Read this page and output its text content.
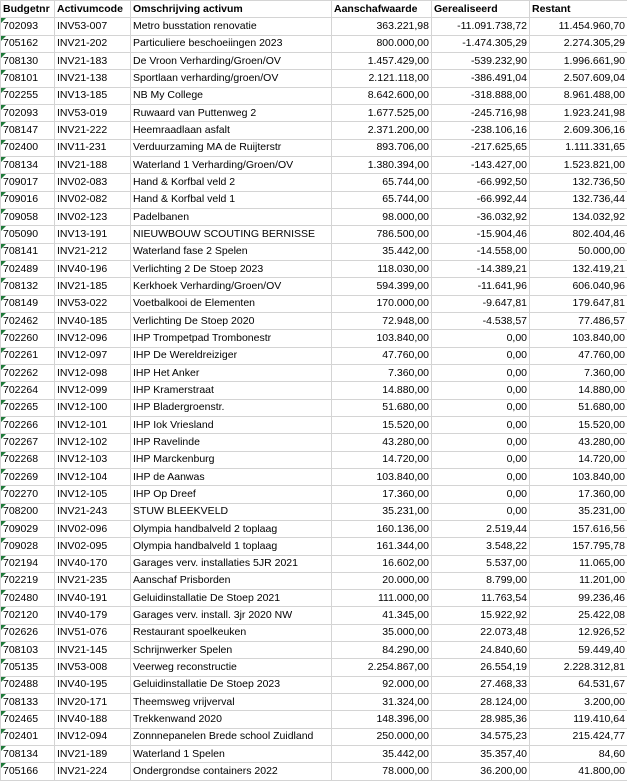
Budgetnr	Activumcode	Omschrijving activum	Aanschafwaarde	Gerealiseerd	Restant
702093	INV53-007	Metro busstation renovatie	363.221,98	-11.091.738,72	11.454.960,70
705162	INV21-202	Particuliere beschoeiingen 2023	800.000,00	-1.474.305,29	2.274.305,29
708130	INV21-183	De Vroon Verharding/Groen/OV	1.457.429,00	-539.232,90	1.996.661,90
708101	INV21-138	Sportlaan verharding/groen/OV	2.121.118,00	-386.491,04	2.507.609,04
702255	INV13-185	NB My College	8.642.600,00	-318.888,00	8.961.488,00
702093	INV53-019	Ruwaard van Puttenweg 2	1.677.525,00	-245.716,98	1.923.241,98
708147	INV21-222	Heemraadlaan asfalt	2.371.200,00	-238.106,16	2.609.306,16
702400	INV11-231	Verduurzaming MA de Ruijterstr	893.706,00	-217.625,65	1.111.331,65
708134	INV21-188	Waterland 1 Verharding/Groen/OV	1.380.394,00	-143.427,00	1.523.821,00
709017	INV02-083	Hand & Korfbal veld 2	65.744,00	-66.992,50	132.736,50
709016	INV02-082	Hand & Korfbal veld 1	65.744,00	-66.992,44	132.736,44
709058	INV02-123	Padelbanen	98.000,00	-36.032,92	134.032,92
705090	INV13-191	NIEUWBOUW SCOUTING BERNISSE	786.500,00	-15.904,46	802.404,46
708141	INV21-212	Waterland fase 2 Spelen	35.442,00	-14.558,00	50.000,00
702489	INV40-196	Verlichting 2 De Stoep 2023	118.030,00	-14.389,21	132.419,21
708132	INV21-185	Kerkhoek Verharding/Groen/OV	594.399,00	-11.641,96	606.040,96
708149	INV53-022	Voetbalkooi de Elementen	170.000,00	-9.647,81	179.647,81
702462	INV40-185	Verlichting De Stoep 2020	72.948,00	-4.538,57	77.486,57
702260	INV12-096	IHP Trompetpad Trombonestr	103.840,00	0,00	103.840,00
702261	INV12-097	IHP De Wereldreiziger	47.760,00	0,00	47.760,00
702262	INV12-098	IHP Het Anker	7.360,00	0,00	7.360,00
702264	INV12-099	IHP Kramerstraat	14.880,00	0,00	14.880,00
702265	INV12-100	IHP Bladergroenstr.	51.680,00	0,00	51.680,00
702266	INV12-101	IHP Iok Vriesland	15.520,00	0,00	15.520,00
702267	INV12-102	IHP Ravelinde	43.280,00	0,00	43.280,00
702268	INV12-103	IHP Marckenburg	14.720,00	0,00	14.720,00
702269	INV12-104	IHP de Aanwas	103.840,00	0,00	103.840,00
702270	INV12-105	IHP Op Dreef	17.360,00	0,00	17.360,00
708200	INV21-243	STUW BLEEKVELD	35.231,00	0,00	35.231,00
709029	INV02-096	Olympia handbalveld 2 toplaag	160.136,00	2.519,44	157.616,56
709028	INV02-095	Olympia handbalveld 1 toplaag	161.344,00	3.548,22	157.795,78
702194	INV40-170	Garages verv. installaties 5JR 2021	16.602,00	5.537,00	11.065,00
702219	INV21-235	Aanschaf Prisborden	20.000,00	8.799,00	11.201,00
702480	INV40-191	Geluidinstallatie De Stoep 2021	111.000,00	11.763,54	99.236,46
702120	INV40-179	Garages verv. install. 3jr 2020 NW	41.345,00	15.922,92	25.422,08
702626	INV51-076	Restaurant spoelkeuken	35.000,00	22.073,48	12.926,52
708103	INV21-145	Schrijnwerker Spelen	84.290,00	24.840,60	59.449,40
705135	INV53-008	Veerweg reconstructie	2.254.867,00	26.554,19	2.228.312,81
702488	INV40-195	Geluidinstallatie De Stoep 2023	92.000,00	27.468,33	64.531,67
708133	INV20-171	Theemsweg vrijverval	31.324,00	28.124,00	3.200,00
702465	INV40-188	Trekkenwand 2020	148.396,00	28.985,36	119.410,64
702401	INV12-094	Zonnnepanelen Brede school Zuidland	250.000,00	34.575,23	215.424,77
708134	INV21-189	Waterland 1 Spelen	35.442,00	35.357,40	84,60
705166	INV21-224	Ondergrondse containers 2022	78.000,00	36.200,00	41.800,00
